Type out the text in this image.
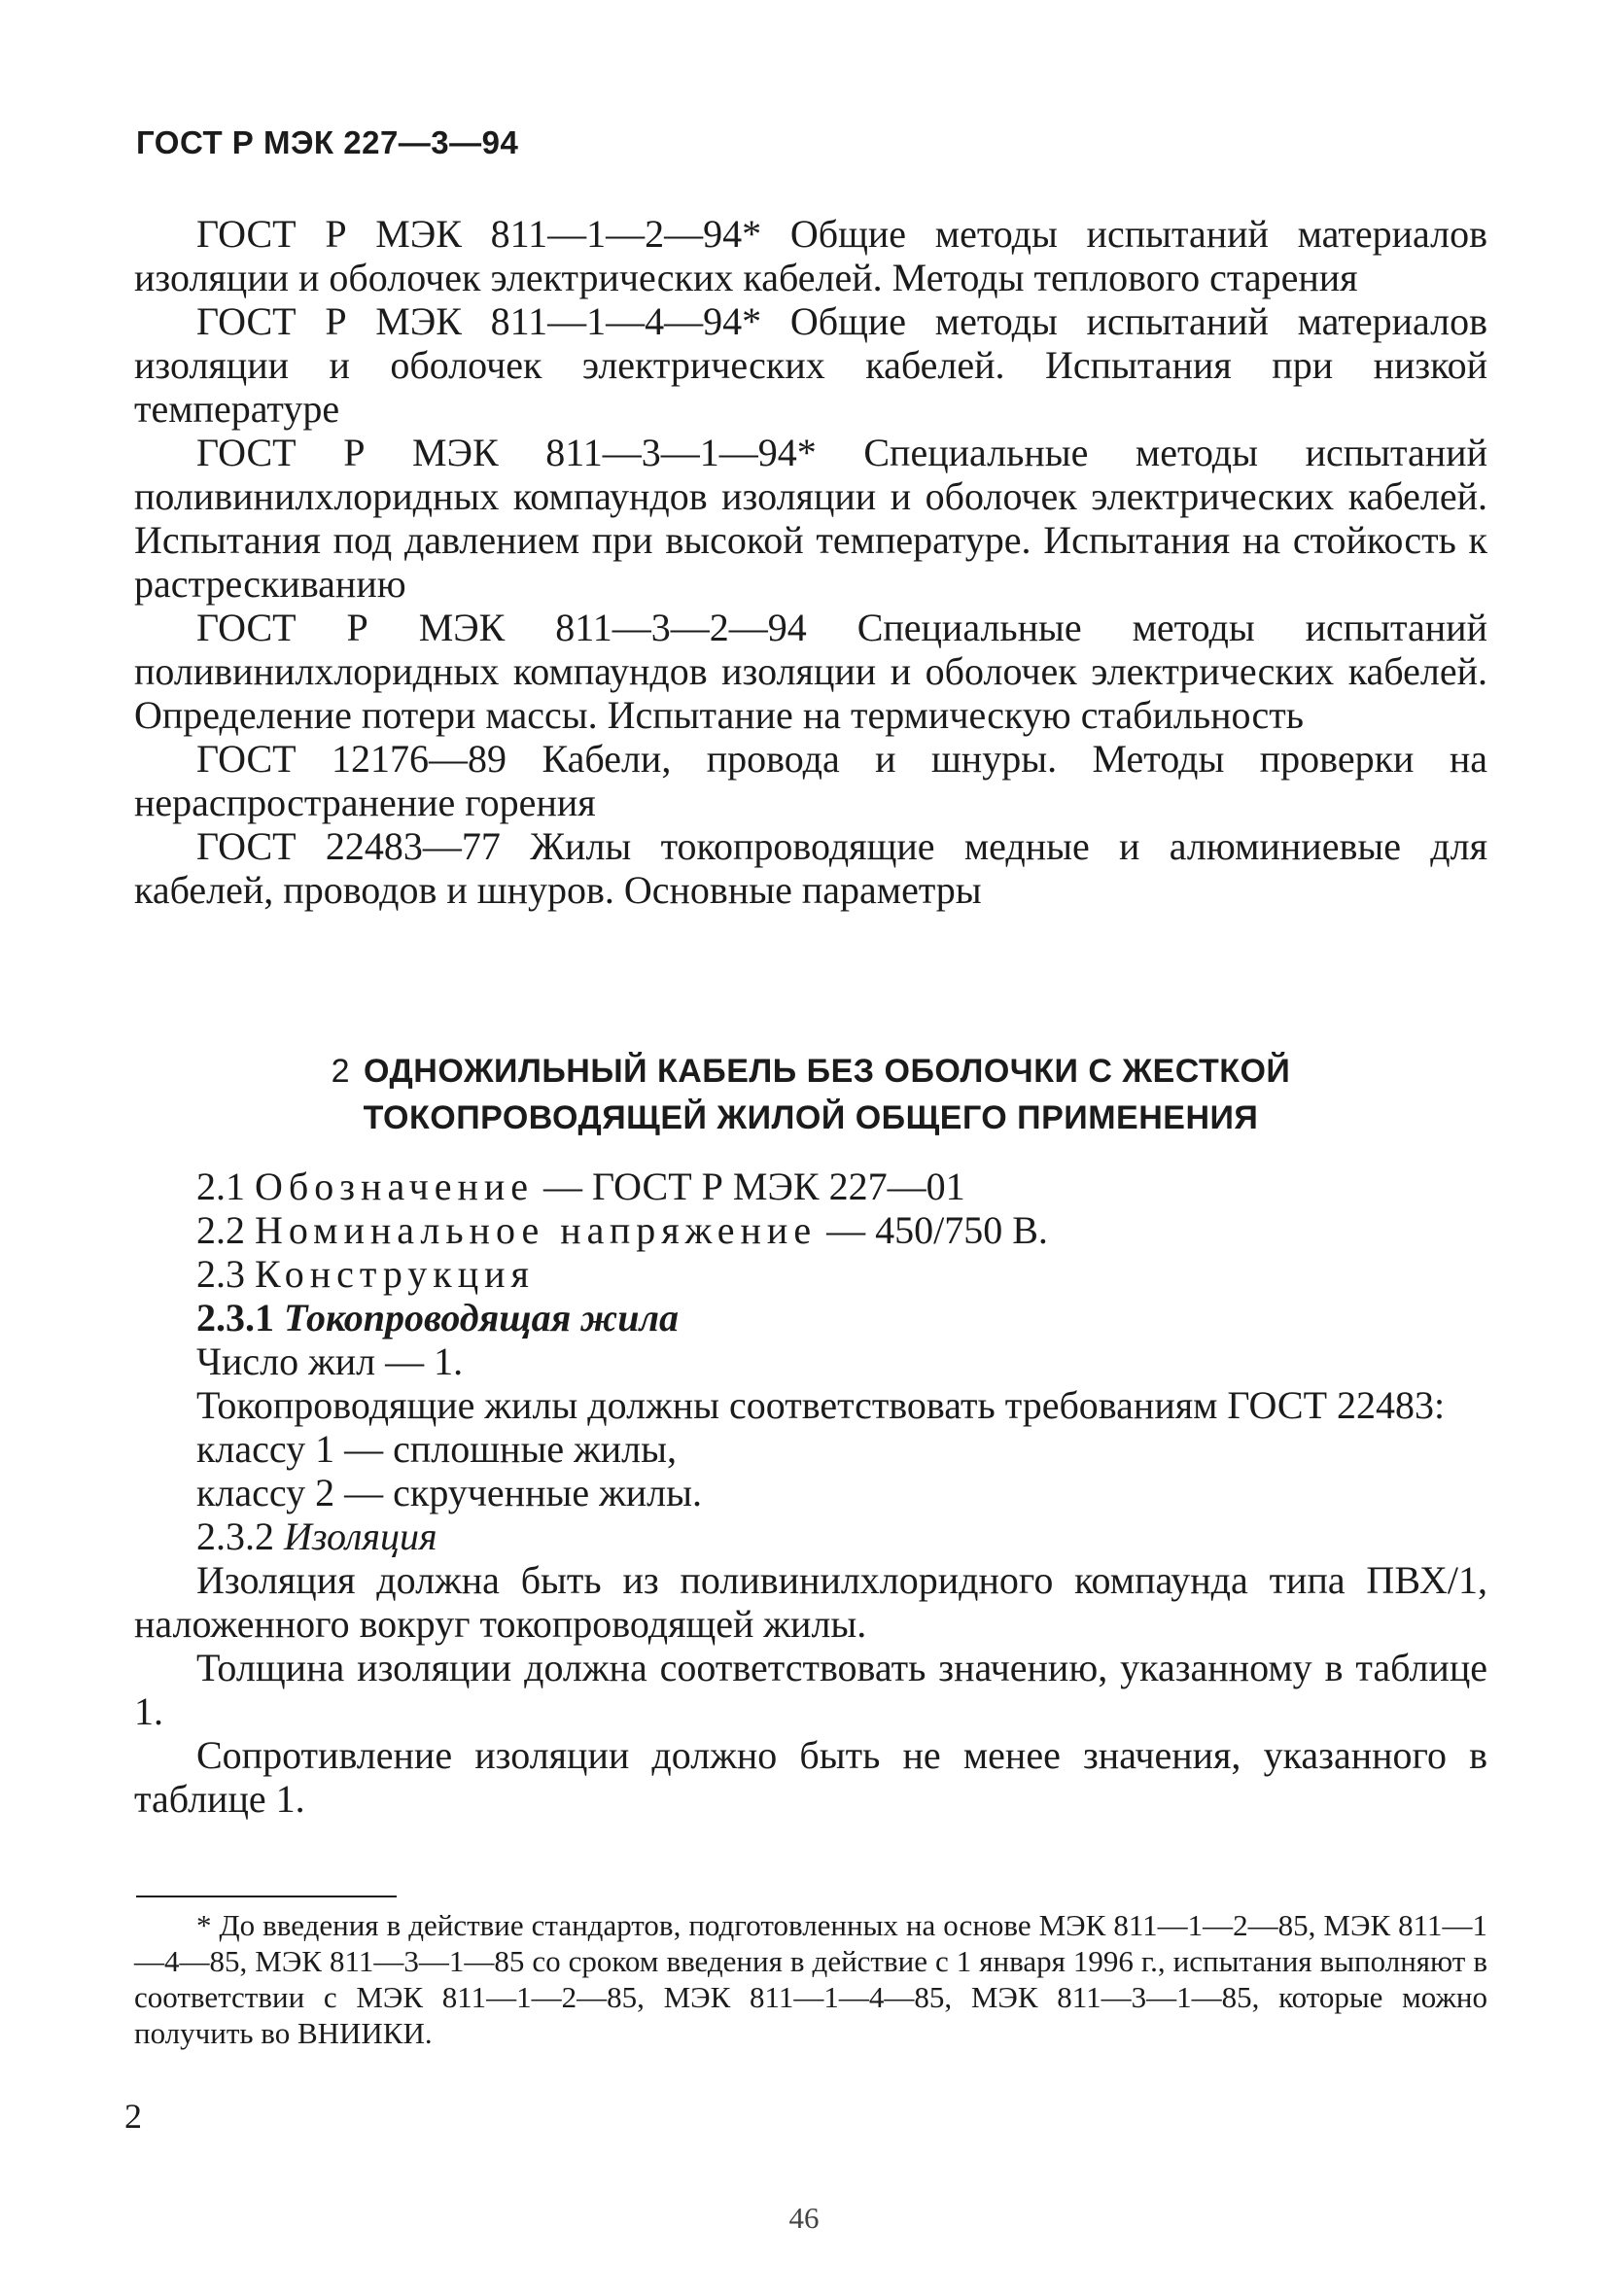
ГОСТ Р МЭК 227—3—94

ГОСТ Р МЭК 811—1—2—94* Общие методы испытаний материалов изоляции и оболочек электрических кабелей. Методы теплового старения

ГОСТ Р МЭК 811—1—4—94* Общие методы испытаний материалов изоляции и оболочек электрических кабелей. Испытания при низкой температуре

ГОСТ Р МЭК 811—3—1—94* Специальные методы испытаний поливинилхлоридных компаундов изоляции и оболочек электрических кабелей. Испытания под давлением при высокой температуре. Испытания на стойкость к растрескиванию

ГОСТ Р МЭК 811—3—2—94 Специальные методы испытаний поливинилхлоридных компаундов изоляции и оболочек электрических кабелей. Определение потери массы. Испытание на термическую стабильность

ГОСТ 12176—89 Кабели, провода и шнуры. Методы проверки на нераспространение горения

ГОСТ 22483—77 Жилы токопроводящие медные и алюминиевые для кабелей, проводов и шнуров. Основные параметры

2 ОДНОЖИЛЬНЫЙ КАБЕЛЬ БЕЗ ОБОЛОЧКИ С ЖЕСТКОЙ
ТОКОПРОВОДЯЩЕЙ ЖИЛОЙ ОБЩЕГО ПРИМЕНЕНИЯ

2.1 Обозначение — ГОСТ Р МЭК 227—01

2.2 Номинальное напряжение — 450/750 В.

2.3 Конструкция

2.3.1 Токопроводящая жила

Число жил — 1.

Токопроводящие жилы должны соответствовать требованиям ГОСТ 22483:

классу 1 — сплошные жилы,

классу 2 — скрученные жилы.

2.3.2 Изоляция

Изоляция должна быть из поливинилхлоридного компаунда типа ПВХ/1, наложенного вокруг токопроводящей жилы.

Толщина изоляции должна соответствовать значению, указанному в таблице 1.

Сопротивление изоляции должно быть не менее значения, указанного в таблице 1.

* До введения в действие стандартов, подготовленных на основе МЭК 811—1—2—85, МЭК 811—1—4—85, МЭК 811—3—1—85 со сроком введения в действие с 1 января 1996 г., испытания выполняют в соответствии с МЭК 811—1—2—85, МЭК 811—1—4—85, МЭК 811—3—1—85, которые можно получить во ВНИИКИ.

2
46
